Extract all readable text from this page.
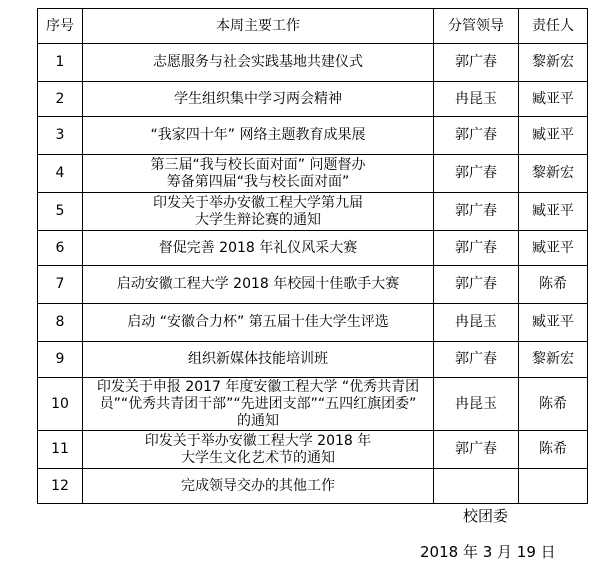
序号	本周主要工作	分管领导	责任人
1	志愿服务与社会实践基地共建仪式	郭广春	黎新宏
2	学生组织集中学习两会精神	冉昆玉	臧亚平
3	“我家四十年” 网络主题教育成果展	郭广春	臧亚平
4	第三届“我与校长面对面” 问题督办
筹备第四届“我与校长面对面”	郭广春	黎新宏
5	印发关于举办安徽工程大学第九届
大学生辩论赛的通知	郭广春	臧亚平
6	督促完善 2018 年礼仪风采大赛	郭广春	臧亚平
7	启动安徽工程大学 2018 年校园十佳歌手大赛	郭广春	陈希
8	启动 “安徽合力杯” 第五届十佳大学生评选	冉昆玉	臧亚平
9	组织新媒体技能培训班	郭广春	黎新宏
10	印发关于申报 2017 年度安徽工程大学 “优秀共青团
员”“优秀共青团干部”“先进团支部”“五四红旗团委”
的通知	冉昆玉	陈希
11	印发关于举办安徽工程大学 2018 年
大学生文化艺术节的通知	郭广春	陈希
12	完成领导交办的其他工作		
校团委
2018 年 3 月 19 日
